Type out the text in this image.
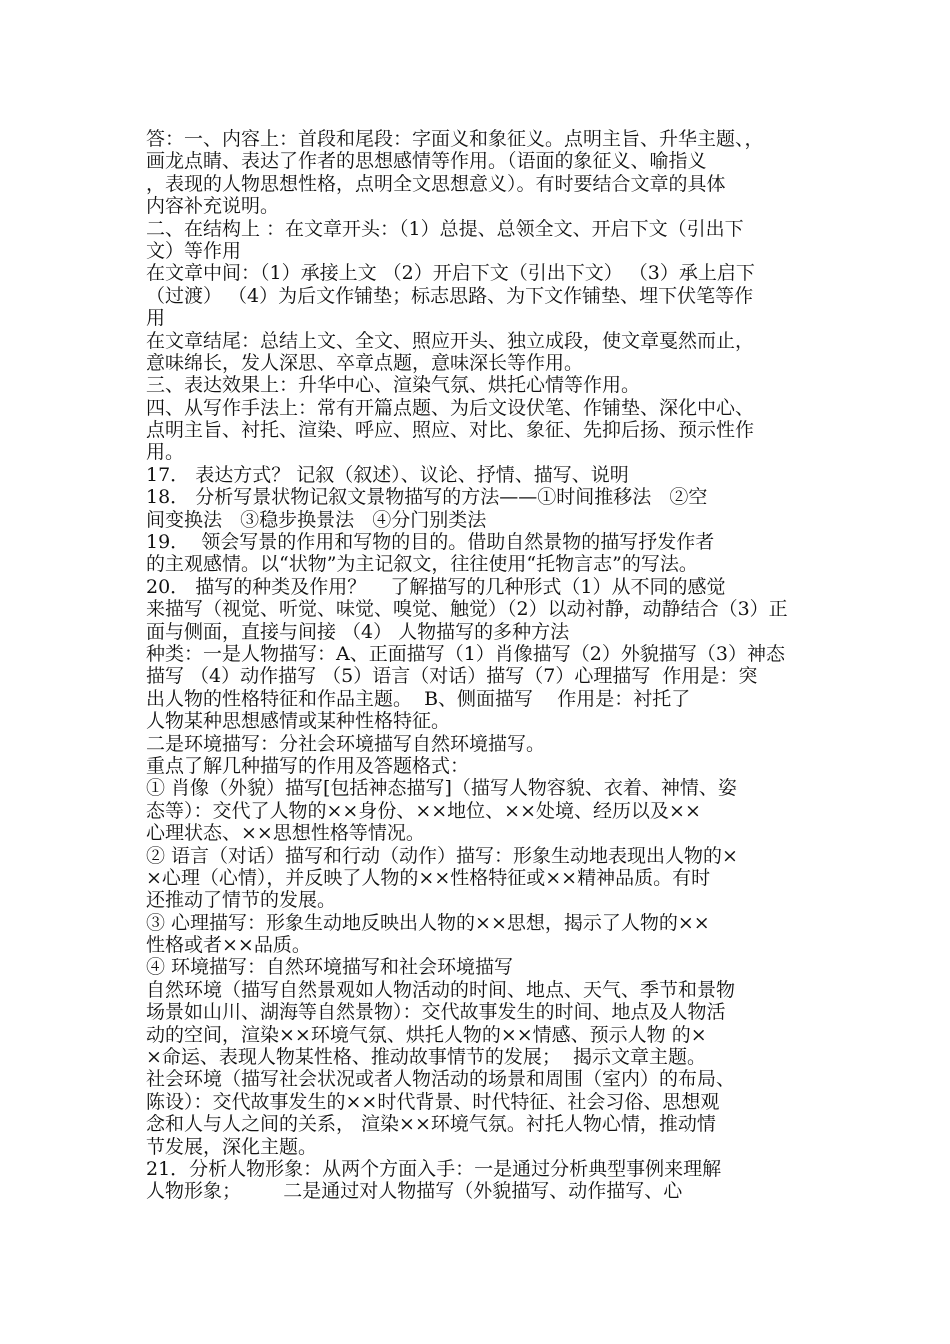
答：一、内容上：首段和尾段：字面义和象征义。点明主旨、升华主题、，
画龙点睛、表达了作者的思想感情等作用。（语面的象征义、喻指义
，表现的人物思想性格，点明全文思想意义）。有时要结合文章的具体
内容补充说明。
二、在结构上 ：在文章开头：（1）总提、总领全文、开启下文（引出下
文）等作用
在文章中间：（1）承接上文 （2）开启下文（引出下文） （3）承上启下
（过渡） （4）为后文作铺垫；标志思路、为下文作铺垫、埋下伏笔等作
用
在文章结尾：总结上文、全文、照应开头、独立成段，使文章戛然而止，
意味绵长，发人深思、卒章点题，意味深长等作用。
三、表达效果上：升华中心、渲染气氛、烘托心情等作用。
四、从写作手法上：常有开篇点题、为后文设伏笔、作铺垫、深化中心、
点明主旨、衬托、渲染、呼应、照应、对比、象征、先抑后扬、预示性作
用。
17． 表达方式？ 记叙（叙述）、议论、抒情、描写、说明
18． 分析写景状物记叙文景物描写的方法——①时间推移法   ②空
间变换法   ③稳步换景法   ④分门别类法
19．  领会写景的作用和写物的目的。借助自然景物的描写抒发作者
的主观感情。以“状物”为主记叙文，往往使用“托物言志”的写法。
20． 描写的种类及作用？    了解描写的几种形式（1）从不同的感觉
来描写（视觉、听觉、味觉、嗅觉、触觉）（2）以动衬静，动静结合（3）正
面与侧面，直接与间接 （4） 人物描写的多种方法
种类：一是人物描写：A、正面描写（1）肖像描写（2）外貌描写（3）神态
描写 （4）动作描写 （5）语言（对话）描写（7）心理描写  作用是：突
出人物的性格特征和作品主题。  B、侧面描写    作用是：衬托了
人物某种思想感情或某种性格特征。
二是环境描写：分社会环境描写自然环境描写。
重点了解几种描写的作用及答题格式：
① 肖像（外貌）描写[包括神态描写]（描写人物容貌、衣着、神情、姿
态等）：交代了人物的××身份、××地位、××处境、经历以及××
心理状态、××思想性格等情况。
② 语言（对话）描写和行动（动作）描写：形象生动地表现出人物的×
×心理（心情），并反映了人物的××性格特征或××精神品质。有时
还推动了情节的发展。
③ 心理描写：形象生动地反映出人物的××思想，揭示了人物的××
性格或者××品质。
④ 环境描写：自然环境描写和社会环境描写
自然环境（描写自然景观如人物活动的时间、地点、天气、季节和景物
场景如山川、湖海等自然景物）：交代故事发生的时间、地点及人物活
动的空间，渲染××环境气氛、烘托人物的××情感、预示人物 的×
×命运、表现人物某性格、推动故事情节的发展；  揭示文章主题。
社会环境（描写社会状况或者人物活动的场景和周围（室内）的布局、
陈设）：交代故事发生的××时代背景、时代特征、社会习俗、思想观
念和人与人之间的关系， 渲染××环境气氛。衬托人物心情，推动情
节发展，深化主题。
21．分析人物形象：从两个方面入手：一是通过分析典型事例来理解
人物形象；       二是通过对人物描写（外貌描写、动作描写、心
